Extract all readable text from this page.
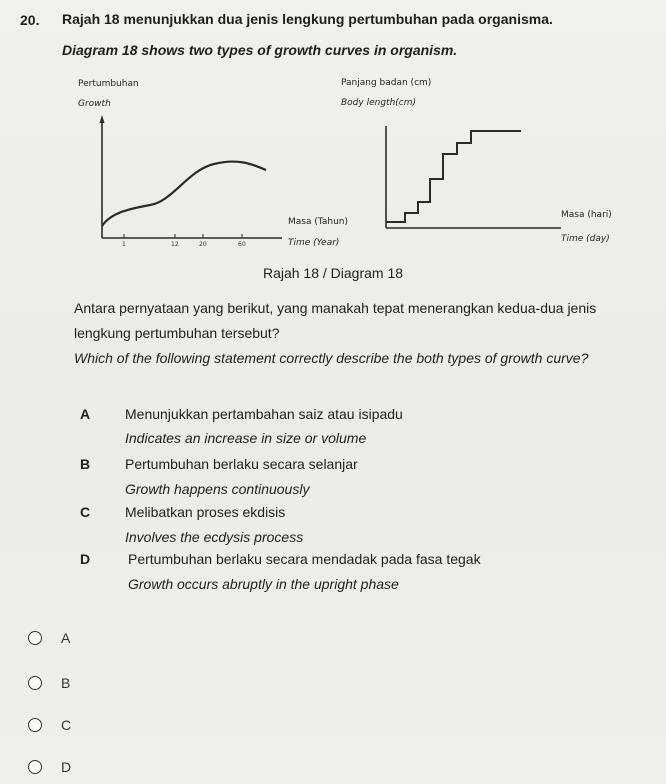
20. Rajah 18 menunjukkan dua jenis lengkung pertumbuhan pada organisma.
Diagram 18 shows two types of growth curves in organism.
Pertumbuhan
Growth
1	12	20	60
Masa (Tahun)
Time (Year)
Panjang badan (cm)
Body length(cm)
Masa (hari)
Time (day)
Rajah 18 / Diagram 18
Antara pernyataan yang berikut, yang manakah tepat menerangkan kedua-dua jenis
lengkung pertumbuhan tersebut?
Which of the following statement correctly describe the both types of growth curve?
A Menunjukkan pertambahan saiz atau isipadu
Indicates an increase in size or volume
B Pertumbuhan berlaku secara selanjar
Growth happens continuously
C Melibatkan proses ekdisis
Involves the ecdysis process
D	Pertumbuhan berlaku secara mendadak pada fasa tegak
Growth occurs abruptly in the upright phase
A
B
C
D
